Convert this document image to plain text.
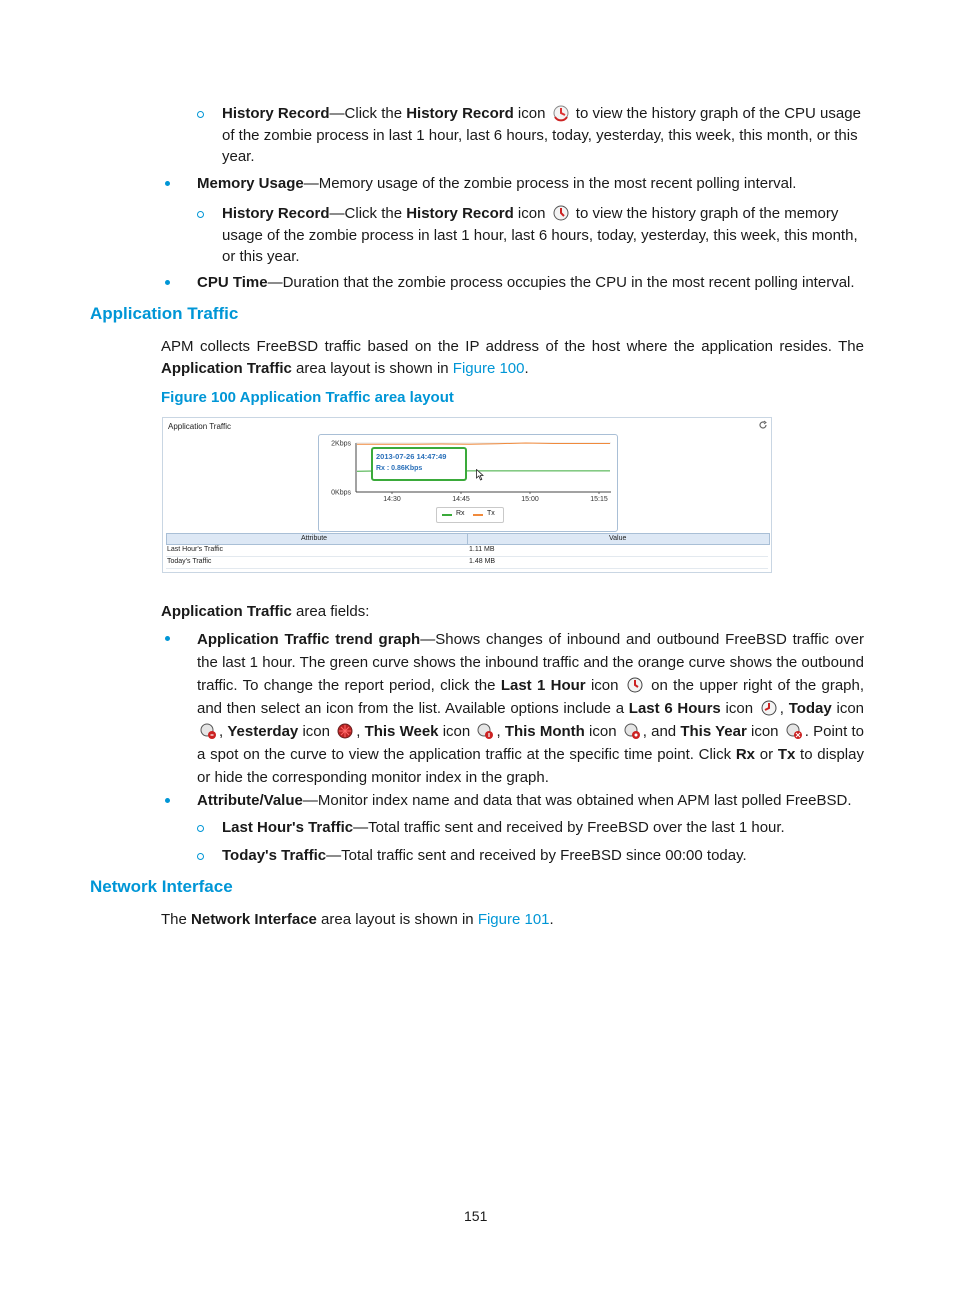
History Record—Click the History Record icon  to view the history graph of the CPU usage of the zombie process in last 1 hour, last 6 hours, today, yesterday, this week, this month, or this year.

Memory Usage—Memory usage of the zombie process in the most recent polling interval.

History Record—Click the History Record icon  to view the history graph of the memory usage of the zombie process in last 1 hour, last 6 hours, today, yesterday, this week, this month, or this year.

CPU Time—Duration that the zombie process occupies the CPU in the most recent polling interval.

Application Traffic

APM collects FreeBSD traffic based on the IP address of the host where the application resides. The Application Traffic area layout is shown in Figure 100.

Figure 100 Application Traffic area layout
Application Traffic
0Kbps
2Kbps
14:30	14:45	15:00	15:15
2013-07-26 14:47:49
Rx : 0.86Kbps
Rx	Tx
Attribute	Value
Last Hour's Traffic	1.11 MB
Today's Traffic	1.48 MB

Application Traffic area fields:

Application Traffic trend graph—Shows changes of inbound and outbound FreeBSD traffic over the last 1 hour. The green curve shows the inbound traffic and the orange curve shows the outbound traffic. To change the report period, click the Last 1 Hour icon  on the upper right of the graph, and then select an icon from the list. Available options include a Last 6 Hours icon , Today icon , Yesterday icon , This Week icon , This Month icon , and This Year icon . Point to a spot on the curve to view the application traffic at the specific time point. Click Rx or Tx to display or hide the corresponding monitor index in the graph.

Attribute/Value—Monitor index name and data that was obtained when APM last polled FreeBSD.

Last Hour's Traffic—Total traffic sent and received by FreeBSD over the last 1 hour.

Today's Traffic—Total traffic sent and received by FreeBSD since 00:00 today.

Network Interface

The Network Interface area layout is shown in Figure 101.

151
